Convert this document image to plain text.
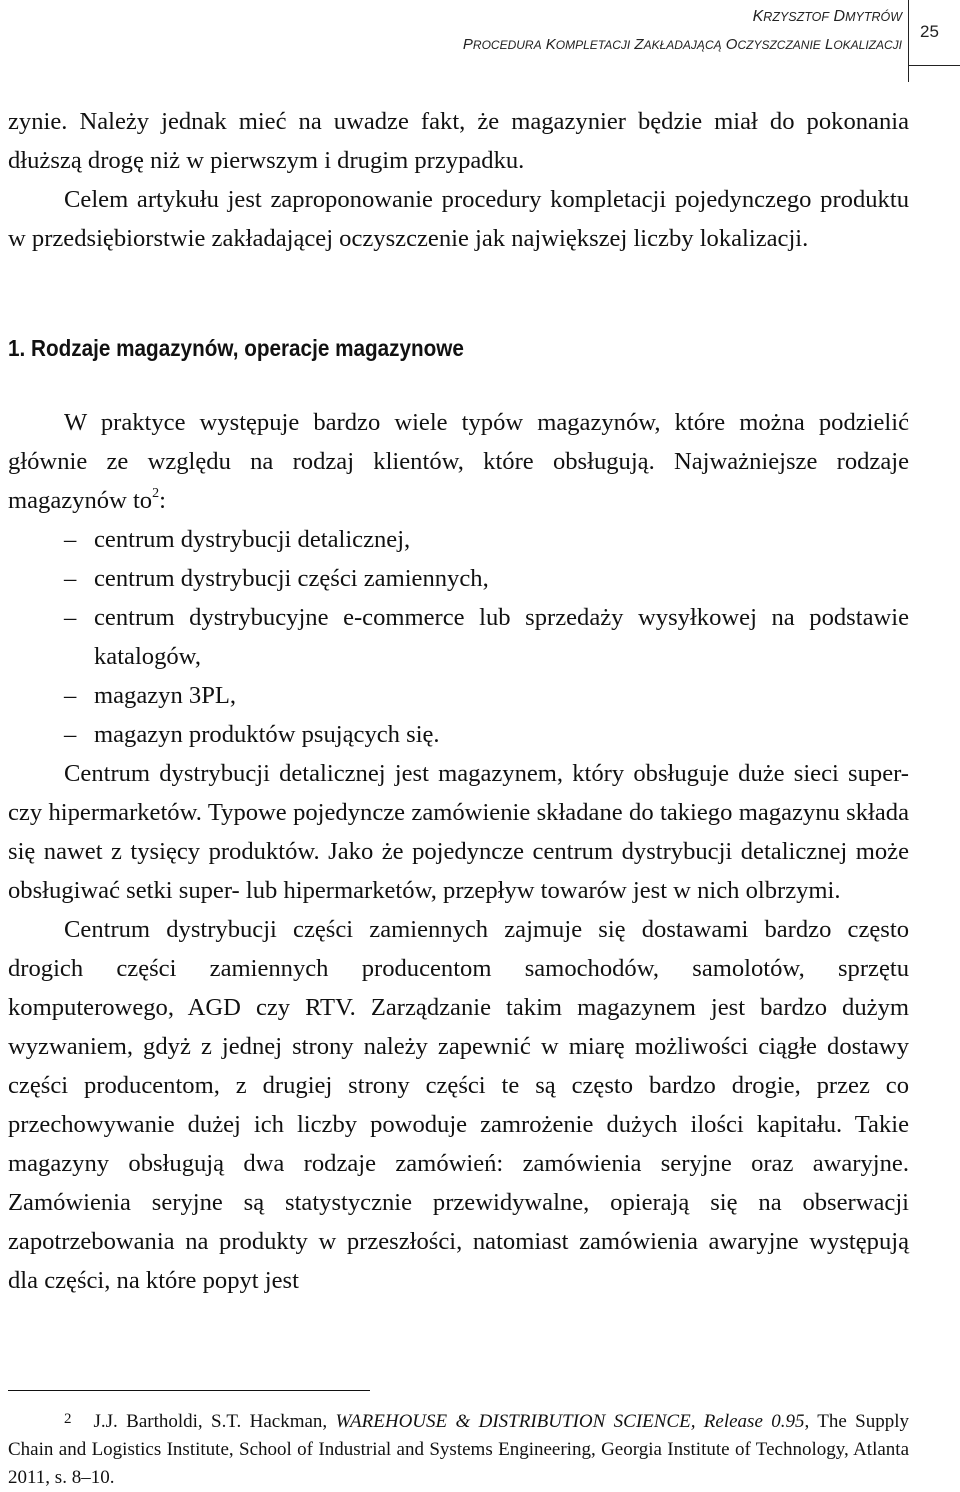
KRZYSZTOF DMYTRÓW
PROCEDURA KOMPLETACJI ZAKŁADAJĄCĄ OCZYSZCZANIE LOKALIZACJI
25

zynie. Należy jednak mieć na uwadze fakt, że magazynier będzie miał do pokonania dłuższą drogę niż w pierwszym i drugim przypadku.

Celem artykułu jest zaproponowanie procedury kompletacji pojedynczego produktu w przedsiębiorstwie zakładającej oczyszczenie jak największej liczby lokalizacji.

1. Rodzaje magazynów, operacje magazynowe

W praktyce występuje bardzo wiele typów magazynów, które można podzielić głównie ze względu na rodzaj klientów, które obsługują. Najważniejsze rodzaje magazynów $to^2$:

– centrum dystrybucji detalicznej,
– centrum dystrybucji części zamiennych,
– centrum dystrybucyjne e-commerce lub sprzedaży wysyłkowej na podstawie katalogów,
– magazyn 3PL,
– magazyn produktów psujących się.

Centrum dystrybucji detalicznej jest magazynem, który obsługuje duże sieci super- czy hipermarketów. Typowe pojedyncze zamówienie składane do takiego magazynu składa się nawet z tysięcy produktów. Jako że pojedyncze centrum dystrybucji detalicznej może obsługiwać setki super- lub hipermarketów, przepływ towarów jest w nich olbrzymi.

Centrum dystrybucji części zamiennych zajmuje się dostawami bardzo często drogich części zamiennych producentom samochodów, samolotów, sprzętu komputerowego, AGD czy RTV. Zarządzanie takim magazynem jest bardzo dużym wyzwaniem, gdyż z jednej strony należy zapewnić w miarę możliwości ciągłe dostawy części producentom, z drugiej strony części te są często bardzo drogie, przez co przechowywanie dużej ich liczby powoduje zamrożenie dużych ilości kapitału. Takie magazyny obsługują dwa rodzaje zamówień: zamówienia seryjne oraz awaryjne. Zamówienia seryjne są statystycznie przewidywalne, opierają się na obserwacji zapotrzebowania na produkty w przeszłości, natomiast zamówienia awaryjne występują dla części, na które popyt jest

2 J.J. Bartholdi, S.T. Hackman, WAREHOUSE & DISTRIBUTION SCIENCE, Release 0.95, The Supply Chain and Logistics Institute, School of Industrial and Systems Engineering, Georgia Institute of Technology, Atlanta 2011, s. 8–10.
